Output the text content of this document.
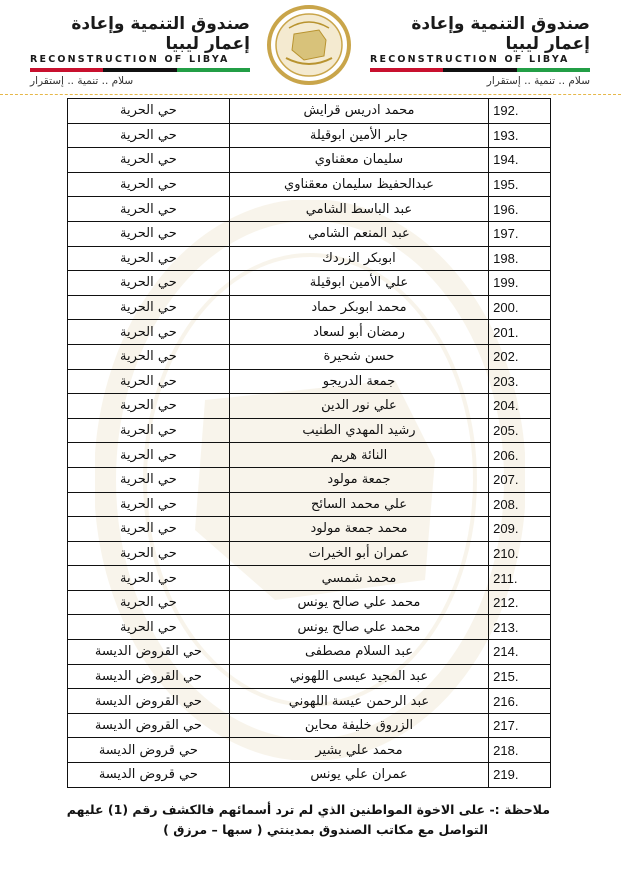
صندوق التنمية وإعادة إعمار ليبيا
RECONSTRUCTION OF LIBYA
سلام .. تنمية .. إستقرار
صندوق التنمية وإعادة إعمار ليبيا
RECONSTRUCTION OF LIBYA
سلام .. تنمية .. إستقرار
192.	محمد ادريس قرايش	حي الحرية
193.	جابر الأمين ابوقيلة	حي الحرية
194.	سليمان معقناوي	حي الحرية
195.	عبدالحفيظ سليمان معقناوي	حي الحرية
196.	عبد الباسط الشامي	حي الحرية
197.	عبد المنعم الشامي	حي الحرية
198.	ابوبكر الزردك	حي الحرية
199.	علي الأمين ابوقيلة	حي الحرية
200.	محمد ابوبكر حماد	حي الحرية
201.	رمضان أبو لسعاد	حي الحرية
202.	حسن شحيرة	حي الحرية
203.	جمعة الدريجو	حي الحرية
204.	علي نور الدين	حي الحرية
205.	رشيد المهدي الطنيب	حي الحرية
206.	النائة هريم	حي الحرية
207.	جمعة مولود	حي الحرية
208.	علي محمد السائح	حي الحرية
209.	محمد جمعة مولود	حي الحرية
210.	عمران أبو الخيرات	حي الحرية
211.	محمد شمسي	حي الحرية
212.	محمد علي صالح يونس	حي الحرية
213.	محمد علي صالح يونس	حي الحرية
214.	عبد السلام مصطفى	حي القروض الديسة
215.	عبد المجيد عيسى اللهوني	حي القروض الديسة
216.	عبد الرحمن عيسة اللهوني	حي القروض الديسة
217.	الزروق خليفة محاين	حي القروض الديسة
218.	محمد علي بشير	حي قروض الديسة
219.	عمران علي يونس	حي قروض الديسة
ملاحظة :- على الاخوة المواطنين الذي لم ترد أسمائهم فالكشف رقم (1) عليهم
التواصل مع مكاتب الصندوق بمدينتي ( سبها – مرزق )
